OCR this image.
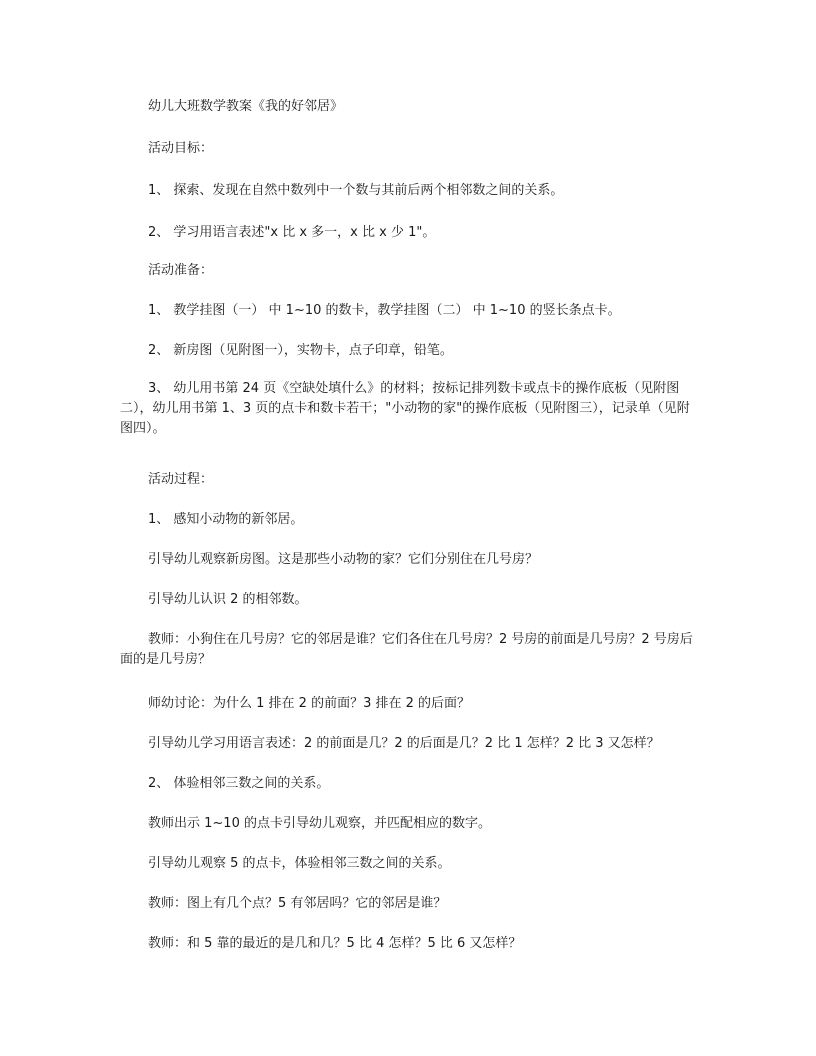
幼儿大班数学教案《我的好邻居》

活动目标：

1、 探索、发现在自然中数列中一个数与其前后两个相邻数之间的关系。

2、 学习用语言表述"x 比 x 多一，x 比 x 少 1"。

活动准备：

1、 教学挂图（一） 中 1~10 的数卡，教学挂图（二） 中 1~10 的竖长条点卡。

2、 新房图（见附图一），实物卡，点子印章，铅笔。

3、 幼儿用书第 24 页《空缺处填什么》的材料；按标记排列数卡或点卡的操作底板（见附图二），幼儿用书第 1、3 页的点卡和数卡若干；"小动物的家"的操作底板（见附图三），记录单（见附图四）。

活动过程：

1、 感知小动物的新邻居。

引导幼儿观察新房图。这是那些小动物的家？它们分别住在几号房？

引导幼儿认识 2 的相邻数。

教师：小狗住在几号房？它的邻居是谁？它们各住在几号房？2 号房的前面是几号房？2 号房后面的是几号房？

师幼讨论：为什么 1 排在 2 的前面？3 排在 2 的后面？

引导幼儿学习用语言表述：2 的前面是几？2 的后面是几？2 比 1 怎样？2 比 3 又怎样？

2、 体验相邻三数之间的关系。

教师出示 1~10 的点卡引导幼儿观察，并匹配相应的数字。

引导幼儿观察 5 的点卡，体验相邻三数之间的关系。

教师：图上有几个点？5 有邻居吗？它的邻居是谁？

教师：和 5 靠的最近的是几和几？5 比 4 怎样？5 比 6 又怎样？
